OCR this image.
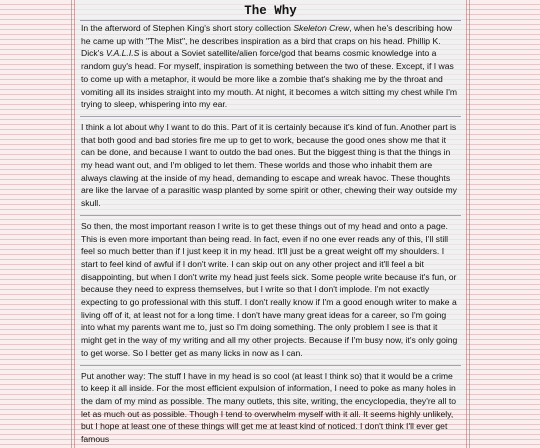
The Why

In the afterword of Stephen King's short story collection Skeleton Crew, when he's describing how he came up with "The Mist", he describes inspiration as a bird that craps on his head. Phillip K. Dick's V.A.L.I.S is about a Soviet satellite/alien force/god that beams cosmic knowledge into a random guy's head. For myself, inspiration is something between the two of these. Except, if I was to come up with a metaphor, it would be more like a zombie that's shaking me by the throat and vomiting all its insides straight into my mouth. At night, it becomes a witch sitting my chest while I'm trying to sleep, whispering into my ear.

I think a lot about why I want to do this. Part of it is certainly because it's kind of fun. Another part is that both good and bad stories fire me up to get to work, because the good ones show me that it can be done, and because I want to outdo the bad ones. But the biggest thing is that the things in my head want out, and I'm obliged to let them. These worlds and those who inhabit them are always clawing at the inside of my head, demanding to escape and wreak havoc. These thoughts are like the larvae of a parasitic wasp planted by some spirit or other, chewing their way outside my skull.

So then, the most important reason I write is to get these things out of my head and onto a page. This is even more important than being read. In fact, even if no one ever reads any of this, I'll still feel so much better than if I just keep it in my head. It'll just be a great weight off my shoulders. I start to feel kind of awful if I don't write. I can skip out on any other project and it'll feel a bit disappointing, but when I don't write my head just feels sick. Some people write because it's fun, or because they need to express themselves, but I write so that I don't implode. I'm not exactly expecting to go professional with this stuff. I don't really know if I'm a good enough writer to make a living off of it, at least not for a long time. I don't have many great ideas for a career, so I'm going into what my parents want me to, just so I'm doing something. The only problem I see is that it might get in the way of my writing and all my other projects. Because if I'm busy now, it's only going to get worse. So I better get as many licks in now as I can.

Put another way: The stuff I have in my head is so cool (at least I think so) that it would be a crime to keep it all inside. For the most efficient expulsion of information, I need to poke as many holes in the dam of my mind as possible. The many outlets, this site, writing, the encyclopedia, they're all to let as much out as possible. Though I tend to overwhelm myself with it all. It seems highly unlikely, but I hope at least one of these things will get me at least kind of noticed. I don't think I'll ever get famous
